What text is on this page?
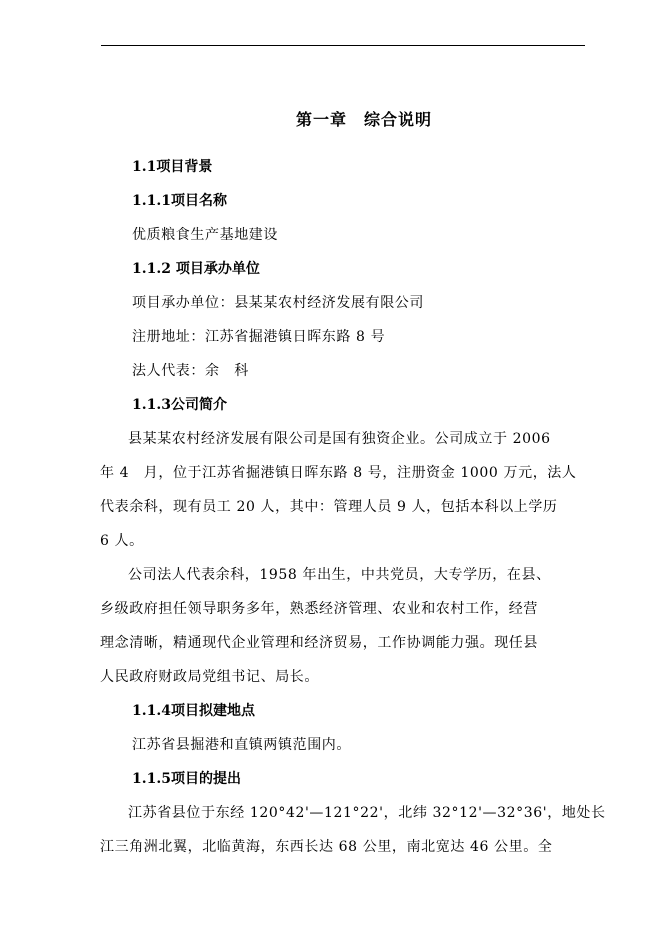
第一章　综合说明
1.1项目背景
1.1.1项目名称
优质粮食生产基地建设
1.1.2 项目承办单位
项目承办单位：县某某农村经济发展有限公司
注册地址：江苏省掘港镇日晖东路 8 号
法人代表：余　科
1.1.3公司简介
县某某农村经济发展有限公司是国有独资企业。公司成立于 2006
年 4　月，位于江苏省掘港镇日晖东路 8 号，注册资金 1000 万元，法人
代表余科，现有员工 20 人，其中：管理人员 9 人，包括本科以上学历
6 人。
公司法人代表余科，1958 年出生，中共党员，大专学历，在县、
乡级政府担任领导职务多年，熟悉经济管理、农业和农村工作，经营
理念清晰，精通现代企业管理和经济贸易，工作协调能力强。现任县
人民政府财政局党组书记、局长。
1.1.4项目拟建地点
江苏省县掘港和直镇两镇范围内。
1.1.5项目的提出
江苏省县位于东经 120°42'—121°22'，北纬 32°12'—32°36'，地处长
江三角洲北翼，北临黄海，东西长达 68 公里，南北宽达 46 公里。全
